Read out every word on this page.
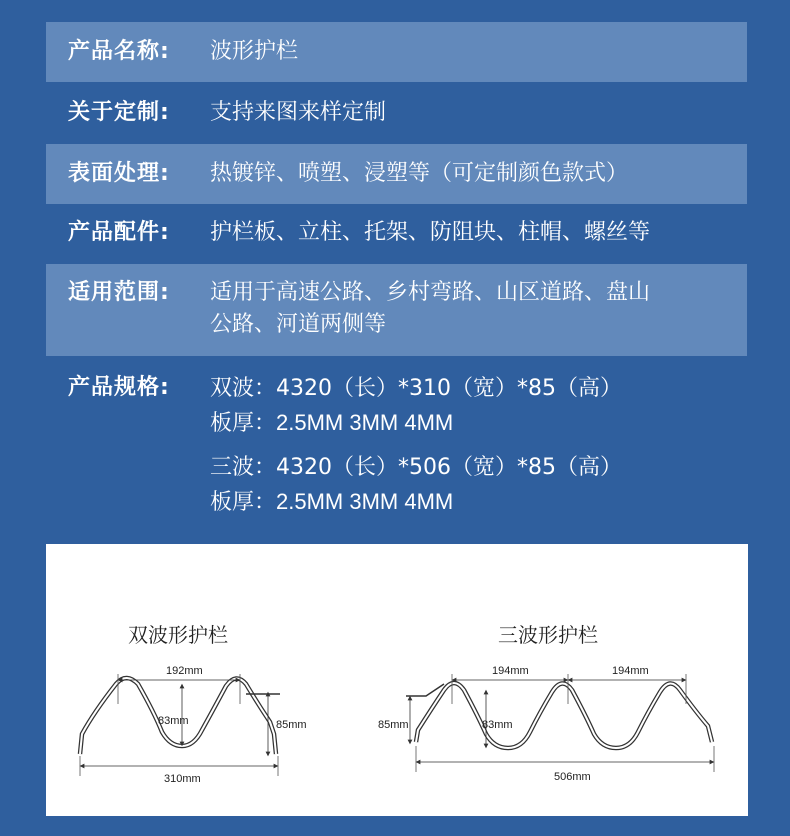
产品名称:	波形护栏
关于定制:	支持来图来样定制
表面处理:	热镀锌、喷塑、浸塑等（可定制颜色款式）
产品配件:	护栏板、立柱、托架、防阻块、柱帽、螺丝等
适用范围:	适用于高速公路、乡村弯路、山区道路、盘山
公路、河道两侧等
产品规格:	双波：4320（长）*310（宽）*85（高）
板厚：2.5MM 3MM 4MM
三波：4320（长）*506（宽）*85（高）
板厚：2.5MM 3MM 4MM
双波形护栏
192mm
83mm	85mm
310mm
三波形护栏
194mm	194mm
83mm
85mm
506mm
